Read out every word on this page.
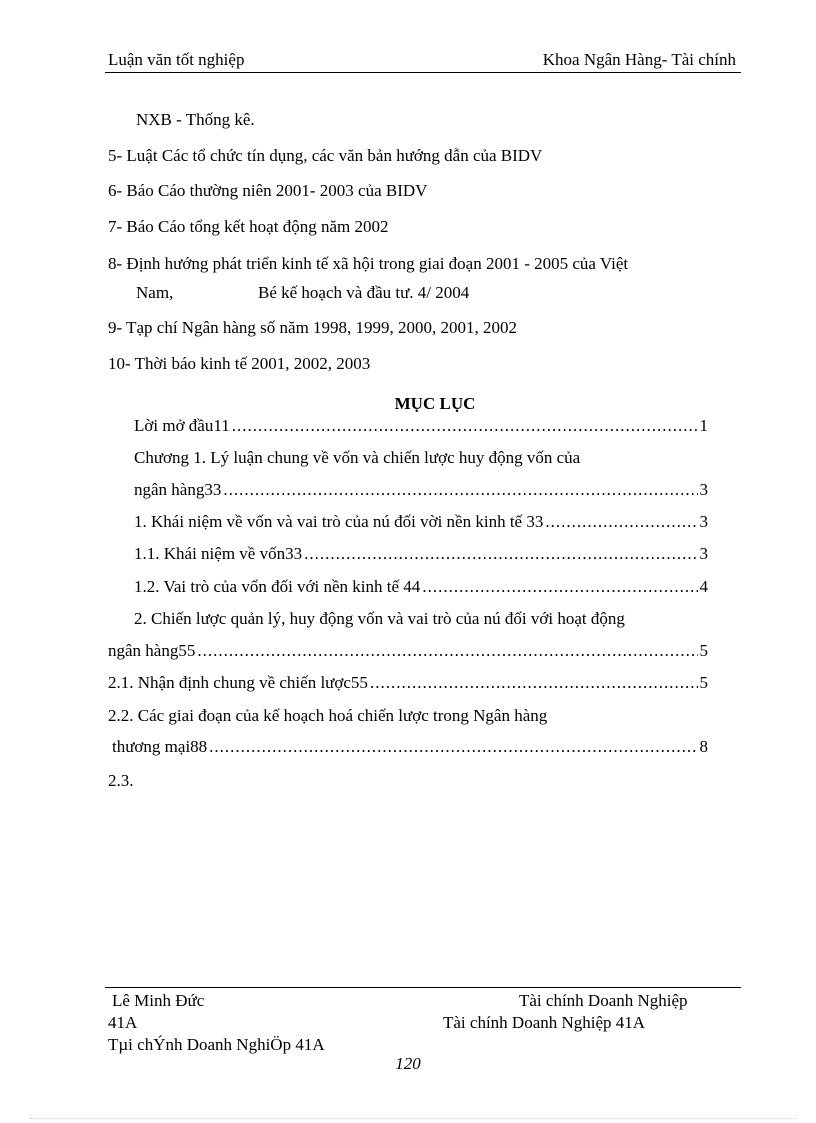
Luận văn tốt nghiệp	Khoa Ngân Hàng- Tài chính
NXB - Thống kê.
5- Luật Các tổ chức tín dụng, các văn bản hướng dẫn của BIDV
6- Báo Cáo thường niên 2001- 2003 của BIDV
7- Báo Cáo tổng kết hoạt động năm 2002
8- Định hướng phát triển kinh tế xã hội trong giai đoạn 2001 - 2005 của Việt
Nam,	Bé kế hoạch và đầu tư. 4/ 2004
9- Tạp chí Ngân hàng số năm 1998, 1999, 2000, 2001, 2002
10- Thời báo kinh tế 2001, 2002, 2003
MỤC LỤC
Lời mở đầu11 .....	1
Chương 1. Lý luận chung về vốn và chiến lược huy động vốn của
ngân hàng33 .....	3
1. Khái niệm về vốn và vai trò của nú đối vời nền kinh tế 33 .....	3
1.1. Khái niệm về vốn33 .....	3
1.2. Vai trò của vốn đối với nền kinh tế 44 .....	4
2. Chiến lược quản lý, huy động vốn và vai trò của nú đối với hoạt động
ngân hàng55 .....	5
2.1. Nhận định chung về chiến lược55 .....	5
2.2. Các giai đoạn của kế hoạch hoá chiến lược trong Ngân hàng
thương mại88 .....	8
2.3.
Lê Minh Đức	Tài chính Doanh Nghiệp
41A	Tài chính Doanh Nghiệp 41A
Tµi chÝnh Doanh NghiÖp 41A
120
